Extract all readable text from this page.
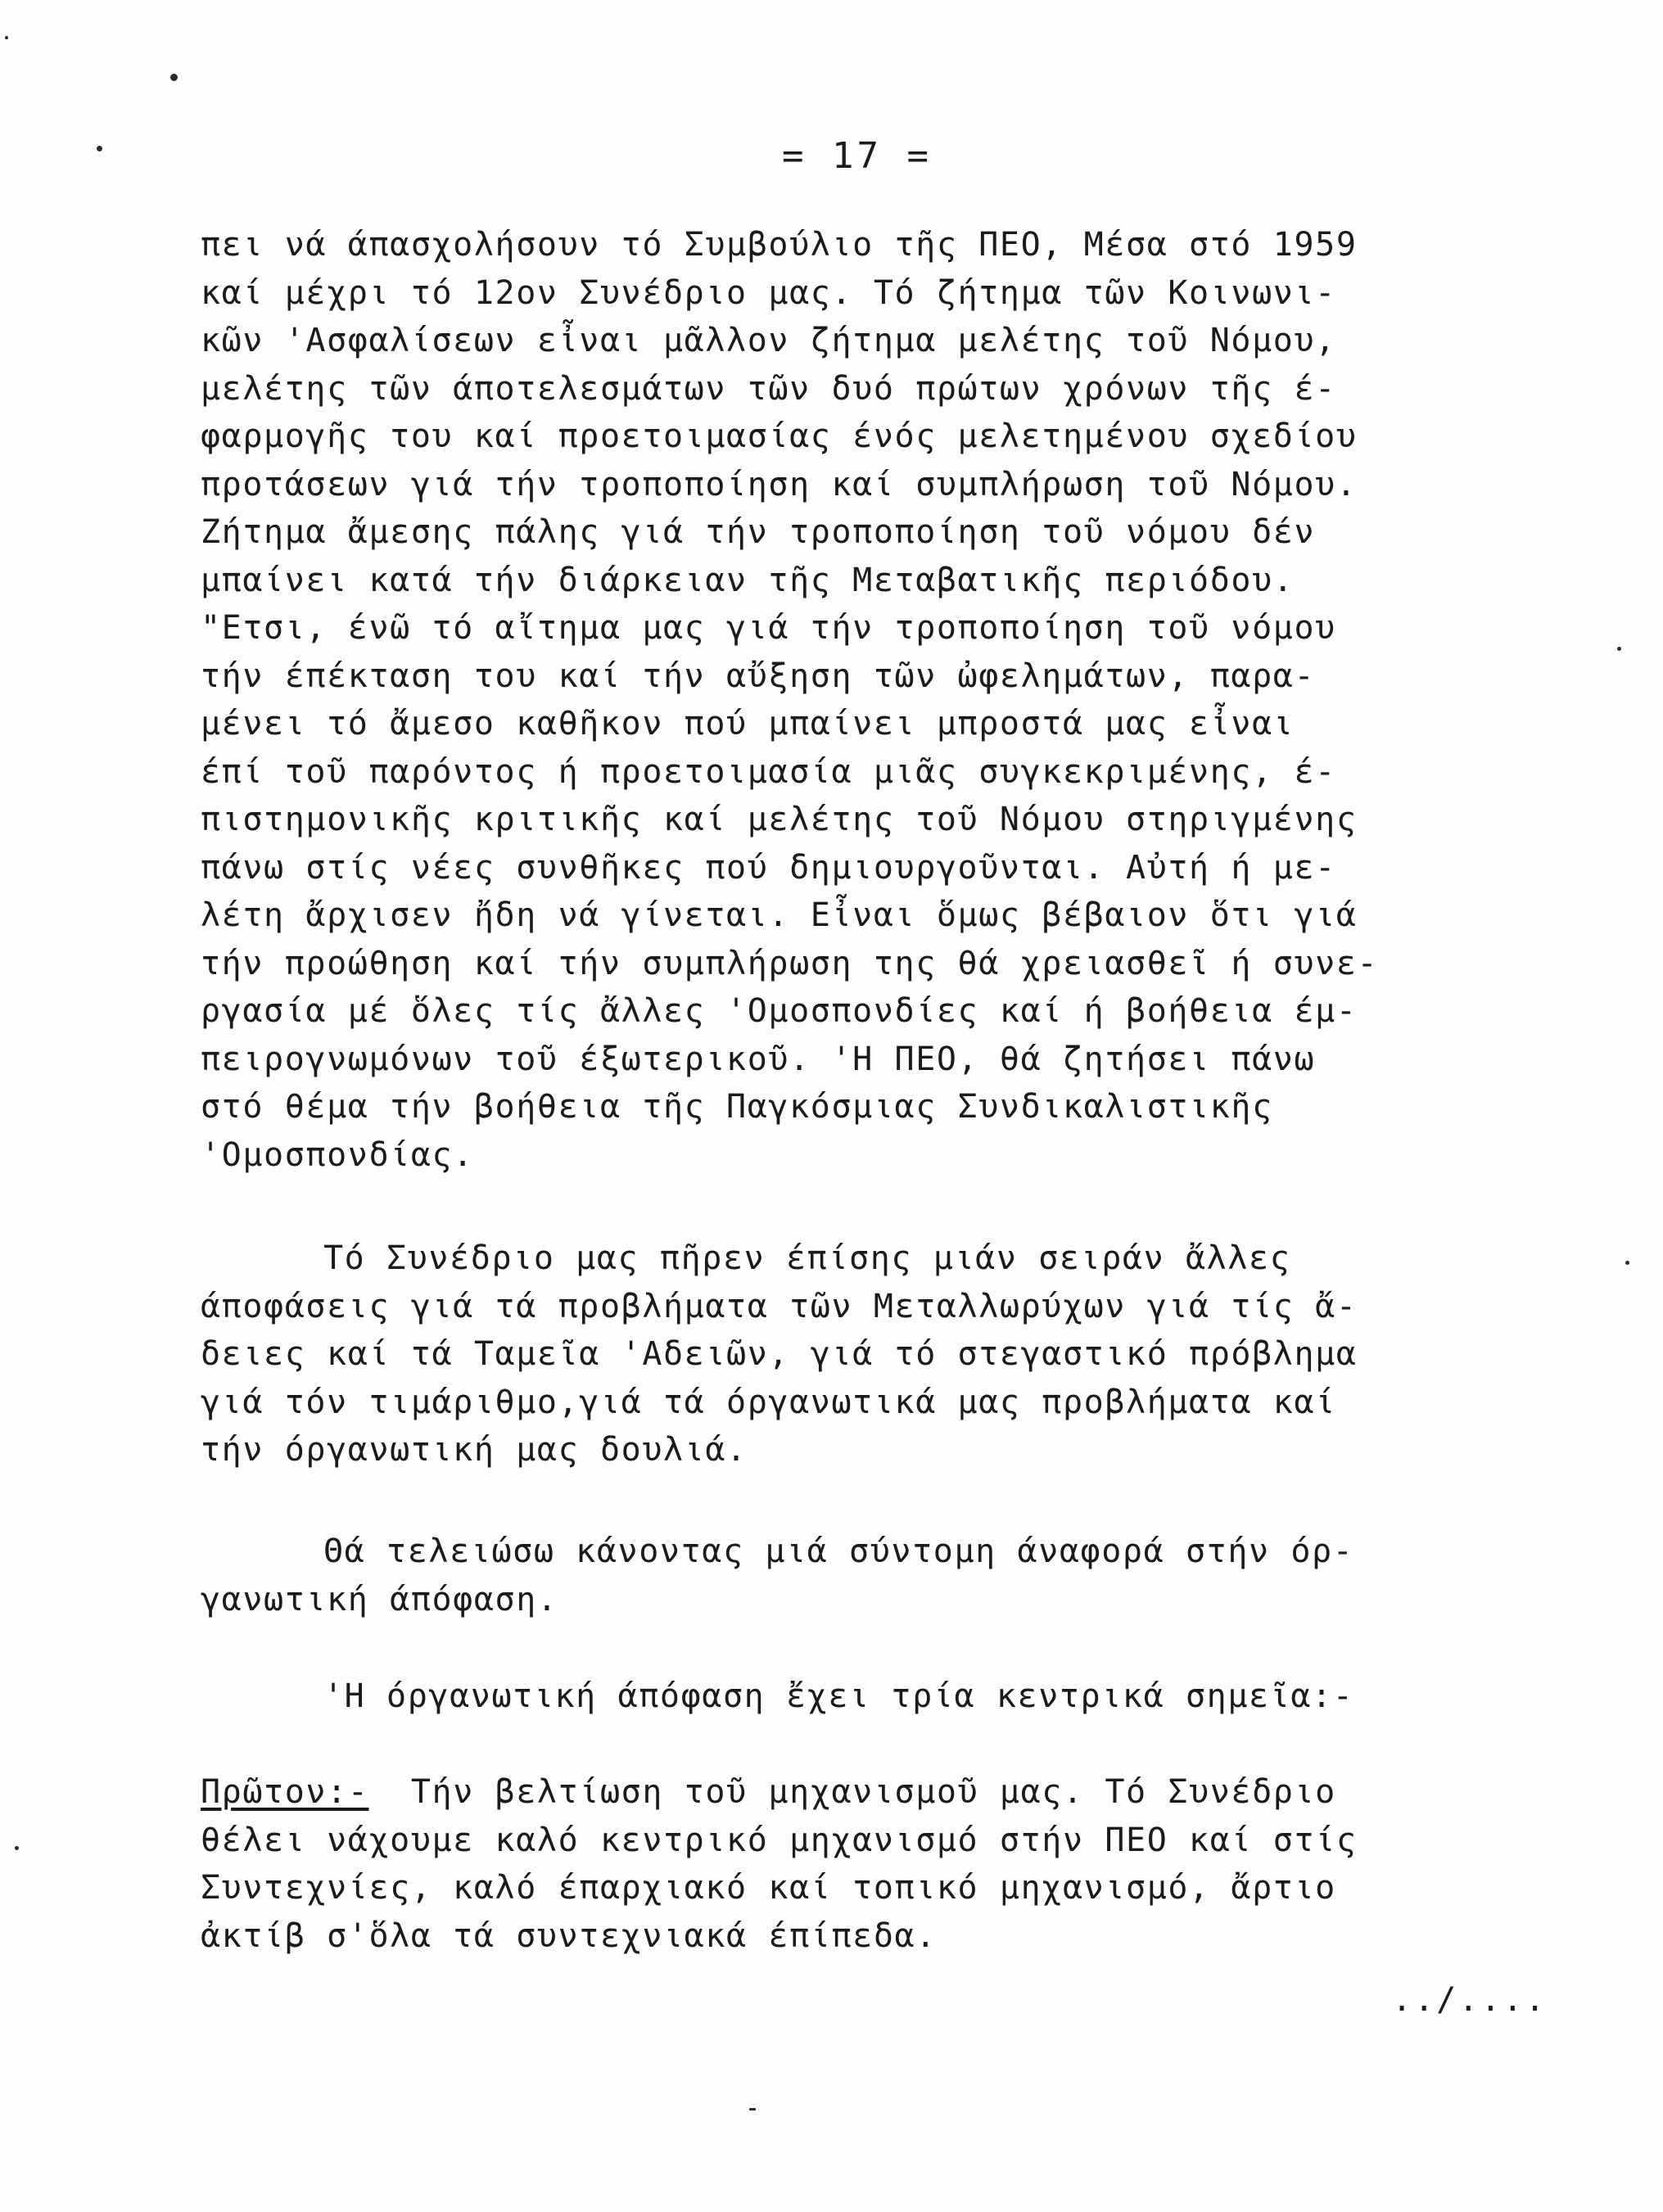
= 17 =
πει νά άπασχολήσουν τό Συμβούλιο τῆς ΠΕΟ, Μέσα στό 1959
καί μέχρι τό 12ον Συνέδριο μας. Τό ζήτημα τῶν Κοινωνι-
κῶν 'Ασφαλίσεων εἶναι μᾶλλον ζήτημα μελέτης τοῦ Νόμου,
μελέτης τῶν άποτελεσμάτων τῶν δυό πρώτων χρόνων τῆς έ-
φαρμογῆς του καί προετοιμασίας ένός μελετημένου σχεδίου
προτάσεων γιά τήν τροποποίηση καί συμπλήρωση τοῦ Νόμου.
Ζήτημα ἄμεσης πάλης γιά τήν τροποποίηση τοῦ νόμου δέν
μπαίνει κατά τήν διάρκειαν τῆς Μεταβατικῆς περιόδου.
"Ετσι, ένῶ τό αἴτημα μας γιά τήν τροποποίηση τοῦ νόμου
τήν έπέκταση του καί τήν αὔξηση τῶν ὠφελημάτων, παρα-
μένει τό ἄμεσο καθῆκον πού μπαίνει μπροστά μας εἶναι
έπί τοῦ παρόντος ή προετοιμασία μιᾶς συγκεκριμένης, έ-
πιστημονικῆς κριτικῆς καί μελέτης τοῦ Νόμου στηριγμένης
πάνω στίς νέες συνθῆκες πού δημιουργοῦνται. Αὐτή ή με-
λέτη ἄρχισεν ἤδη νά γίνεται. Εἶναι ὅμως βέβαιον ὅτι γιά
τήν προώθηση καί τήν συμπλήρωση της θά χρειασθεῖ ή συνε-
ργασία μέ ὅλες τίς ἄλλες 'Ομοσπονδίες καί ή βοήθεια έμ-
πειρογνωμόνων τοῦ έξωτερικοῦ. 'Η ΠΕΟ, θά ζητήσει πάνω
στό θέμα τήν βοήθεια τῆς Παγκόσμιας Συνδικαλιστικῆς
'Ομοσπονδίας.
Τό Συνέδριο μας πῆρεν έπίσης μιάν σειράν ἄλλες
άποφάσεις γιά τά προβλήματα τῶν Μεταλλωρύχων γιά τίς ἄ-
δειες καί τά Ταμεῖα 'Αδειῶν, γιά τό στεγαστικό πρόβλημα
γιά τόν τιμάριθμο,γιά τά όργανωτικά μας προβλήματα καί
τήν όργανωτική μας δουλιά.
Θά τελειώσω κάνοντας μιά σύντομη άναφορά στήν όρ-
γανωτική άπόφαση.
'Η όργανωτική άπόφαση ἔχει τρία κεντρικά σημεῖα:-
Πρῶτον:-  Τήν βελτίωση τοῦ μηχανισμοῦ μας. Τό Συνέδριο
θέλει νάχουμε καλό κεντρικό μηχανισμό στήν ΠΕΟ καί στίς
Συντεχνίες, καλό έπαρχιακό καί τοπικό μηχανισμό, ἄρτιο
ἀκτίβ σ'ὅλα τά συντεχνιακά έπίπεδα.
../....
